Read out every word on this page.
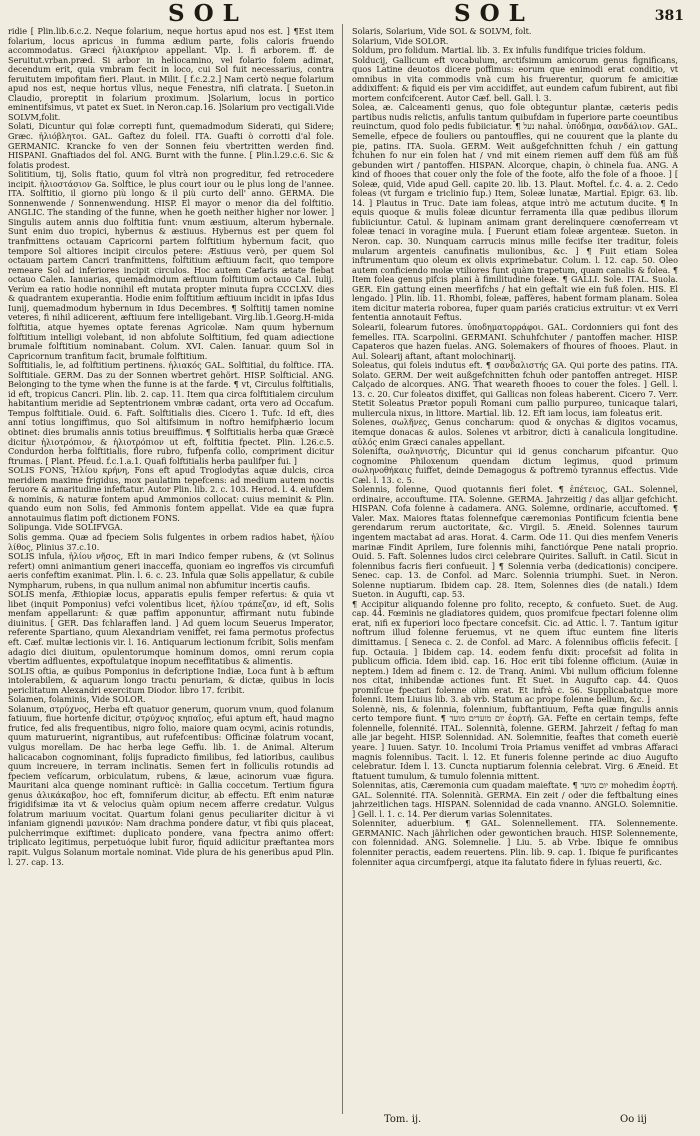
SOL	SOL	381

ridie [ Plin.lib.6.c.2. Neque folarium, neque hortus apud nos est. ] ¶Est item folarium, locus apricus in fumma ædium parte, folis caloris fruendo accommodatus. Græci ἡλιακήριον appellant. Vlp. l. fi arborem. ff. de Seruitut.vrban.præd. Si arbor in heliocamino, vel folario folem adimat, decendum erit, quia vmbram fecit in loco, cui Sol fuit necessarius, contra feruitutem impofitam fieri. Plaut. in Milit. [ f.c.2.2.] Nam certò neque folarium apud nos est, neque hortus vllus, neque Fenestra, nifi clatrata. [ Sueton.in Claudio, proreptit in folarium proximum. ]Solarium, locus in portico eminentifsimus, vt patet ex Suet. in Neron.cap.16. ]Solarium pro vectigali.Vide SOLVM,folit.

Solati, Dicuntur qui folæ correpti funt, quemadmodum Siderati, qui Sidere; Græc. ἡλιόβλητοι. GAL. Gaftez du foleil. ITA. Guafti ò corrotti d'al fole. GERMANIC. Krancke fo ven der Sonnen feiu vbertritten werden find. HISPANI. Gnaftiados del fol. ANG. Burnt with the funne. [ Plin.l.29.c.6. Sic & folatis prodest.

Solititium, tij, Solis ftatio, quum fol vltrà non progreditur, fed retrocedere incipit. ἡλιοστάσιον Ga. Solftice, le plus court iour ou le plus long de l'annee. ITA. Solftitio, il giorno più longo & il più curto dell' anno. GERMA. Die Sonnenwende / Sonnenwendung. HISP. El mayor o menor dia del folftitio. ANGLIC. The standing of the funne, when he goeth neither higher nor lower. ] Singulis autem annis duo folftitia funt: vnum æstiuum, alterum hybernale. Sunt enim duo tropici, hybernus & æstiuus. Hybernus est per quem fol tranfmittens octauam Capricorni partem folftitium hybernum facit, quo tempore Sol altiores incipit circulos petere: Æstiuus verò, per quem Sol octauam partem Cancri tranfmittens, folftitium æftiuum facit, quo tempore remeare Sol ad inferiores incipit circulos. Hoc autem Cæfaris ætate fiebat octauo Calen. Ianuarias, quemadmodum æftiuum folftitium octauo Cal. Iulij. Verùm ea ratio hodie nonnihil eft mutata propter minuta fupra CCCLXV. dies & quadrantem exuperantia. Hodie enim folftitium æftiuum incidit in ipfas Idus Iunij, quemadmodum hybernum in Idus Decembres. ¶ Solftitij tamen nomine veteres, fi nihil adiicerent, æftiuum fere intelligebant. Virg.lib.1.Georg.H-mida folftitia, atque hyemes optate ferenas Agricolæ. Nam quum hybernum folftitium intelligi volebant, id non abfolute Solftitium, fed quam adiectione brumale folftitium nominabant. Colum. XVI. Calen. Ianuar. quum Sol in Capricornum tranfitum facit, brumale folftitium.

Solftitialis, le, ad folftitium pertinens. ἡλιακός GAL. Solftitial, du folftice. ITA. Solftitiale. GERM. Das zu der Sonnen wbertret gehört. HISP. Solfticial. ANG. Belonging to the tyme when the funne is at the farde. ¶ vt, Circulus folftitialis, id eft, tropicus Cancri. Plin. lib. 2. cap. 11. Item qua circa folftitialem circulum habitantium meridie ad Septentrionem vmbræ cadant, orta vero ad Occafum. Tempus folftitiale. Ouid. 6. Faft. Solftitialis dies. Cicero 1. Tufc. Id eft, dies anni totius longiffimus, quo Sol altifsimum in noftro hemifphærio locum obtinet: dies brumalis annis totius breuiffimus. ¶ Solftitialis herba quæ Græcè dicitur ἡλιοτρόπιον, & ἡλιοτρόπιον ut eft, folftitia fpectet. Plin. l.26.c.5. Condurdon herba folftitialis, flore rubro, fufpenfa collo, compriment dicitur ftrumas. [ Plant. Pfeud. f.c.1.a.1. Quafi folftitialis herba paulifper fui. ]

SOLIS FONS, Ἡλίου κρήνη, Fons eft apud Troglodytas aquæ dulcis, circa meridiem maxime frigidus, mox paulatim tepefcens: ad medium autem noctis feruore & amaritudine infeftatur. Autor Plin. lib. 2. c. 103. Herod. l. 4. eiufdem & nominis, & naturæ fontem apud Ammonios collocat: cuius meminit & Plin. quando eum non Solis, fed Ammonis fontem appellat. Vide ea quæ fupra annotauimus flatim poft dictionem FONS.

Solipunga. Vide SOLIFVGA.

Solis gemma. Quæ ad fpeciem Solis fulgentes in orbem radios habet, ἡλίου λίθος, Plinius 37.c.10.

SOLIS infula, ἡλίου νῆσος, Eft in mari Indico femper rubens, & (vt Solinus refert) omni animantium generi inacceffa, quoniam eo ingreffos vis circumfufi aeris confeftim exanimat. Plin. l. 6. c. 23. Infula quæ Solis appellatur, & cubile Nympharum, rubens, in qua nullum animal non abfumitur incertis caufis.

SOLIS menfa, Æthiopiæ locus, apparatis epulis femper refertus: & quia vt libet (inquit Pomponius) vefci volentibus licet, ἡλίου τράπεζαν, id eft, Solis menfam appellarunt: & quæ paffim apponuntur, affirmant nutu fubinde diuinitus. [ GER. Das fchlaraffen land. ] Ad quem locum Seuerus Imperator, referente Spartiano, quum Alexandriam veniffet, rei fama permotus profectus eft. Cæf. multæ lectionis vir. l. 16. Antiquarum lectionum fcribit, Solis menfam adagio dici diuitum, opulentorumque hominum domos, omni rerum copia vbertim adfluentes, expoftulatque inopum neceffitatibus & alimentis.

SOLIS oftia, æ quibus Pomponius in defcriptione Indiæ, Loca funt à b æftum intolerabilem, & aquarum longo tractu penuriam, & dictæ, quibus in locis periclitatum Alexandri exercitum Diodor. libro 17. fcribit.

Solamen, folaminis, Vide SOLOR.

Solanum, στρύχνος, Herba eft quatuor generum, quorum vnum, quod folanum fatiuum, fiue hortenfe dicitur, στρύχνος κηπαῖος, efui aptum eft, haud magno frutice, fed alis frequentibus, nigro folio, maiore quam ocymi, acinis rotundis, quum maturuerint, nigrantibus, aut rufefcentibus: Officinæ folatrum vocant, vulgus morellam. De hac herba lege Geffu. lib. 1. de Animal. Alterum halicacabon cognominant, folijs fupradicto fimilibus, fed latioribus, caulibus quum increuere, in terram inclinatis. Semen fert in folliculis rotundis ad fpeciem vefícarum, orbiculatum, rubens, & læue, acinorum vuæ figura. Mauritani alca quenge nominant rufticè: in Gallia coccetum. Tertium figura genus ἀλικάκαβον, hoc eft, fomniferum dicitur, ab effectu. Eft enim naturæ frigidifsimæ ita vt & velocius quàm opium necem afferre credatur. Vulgus folatrum mariuum vocitat. Quartum folani genus peculiariter dicitur à vi infaniam gignendi μανικόν: Nam drachma pondere datur, vt fibi quis placeat, pulcherrimque exiftimet: duplicato pondere, vana fpectra animo offert: triplicato legitimus, perpetuóque lubit furor, fiquid adiicitur præftantea mors rapit. Vulgus Solanum mortale nominat. Vide plura de his generibus apud Plin. l. 27. cap. 13.

Solaris, Solarium, Vide SOL & SOLVM, folt.

Solarium, Vide SOLOR.

Soldum, pro folidum. Martial. lib. 3. Ex infulis fundifque tricies foldum.

Solducij, Gallicum eft vocabulum, arctifsimum amicorum genus fignificans, quos Latine deuotos dicere poffimus: eorum que enimodi erat conditio, vt omnibus in vita commodis vnà cum his fruerentur, quorum fe amicitiæ addixiffent: & fiquid eis per vim accidiffet, aut eundem cafum fubirent, aut fibi mortem confcifcerent. Autor Cæf. bell. Gall. l. 3.

Solea, æ. Calceamenti genus, quo fole obteguntur plantæ, cæteris pedis partibus nudis relictis, anfulis tantum quibufdam in fuperiore parte coeuntibus reuinctum, quod folo pedis fubiiciatur. ¶ נעל nahal. ὑπόδημα, σανδάλιον. GAL. Semelle, efpece de fouliers ou pantouffles, qui ne couurent que la plante du pie, patins. ITA. Suola. GERM. Weit außgefchnitten fchuh / ein gattung fchuhen fo nur ein folen hat / vnd mit einem riemen auff dem füß am füß gebunden wirt / pantoffen. HISPAN. Alcorque, chapin, ò chinela fua. ANG. A kind of fhooes that couer only the fole of the foote, alfo the fole of a fhooe. ] [ Soleæ, quid, Vide apud Gell. capite 20. lib. 13. Plaut. Moftel. f.c. 4. a. 2. Cedo foleas (vt furgam e triclinio fup.) Item, Soleæ lunatæ, Martial. Epigr. 63. lib. 14. ] Plautus in Truc. Date iam foleas, atque intrò me actutum ducite. ¶ In equis quoque & mulis foleæ dicuntur ferramenta illa quæ pedibus illorum fubiiciuntur. Catul. & lupinam animam grant derelinquere cœnoferream vt foleæ tenaci in voragine mula. [ Fuerunt etiam foleæ argenteæ. Sueton. in Neron. cap. 30. Nunquam carrucis minus mille fecifse iter traditur, foleis mularum argenteis canufinatis mulionibus, &c. ] ¶ Fuit etiam Solea inftrumentum quo oleum ex olivis exprimebatur. Colum. l. 12. cap. 50. Oleo autem conficiendo molæ vtiliores funt quàm trapetum, quam canalis & folea. ¶ Item folea genus pifcis plani à fimilitudine foleæ. ¶ GALLI. Sole. ITAL. Suola. GER. Ein gattung einen meerfifchs / hat ein geftalt wie ein fuß folen. HIS. El lengado. ] Plin. lib. 11. Rhombi, foleæ, paffères, habent formam planam. Solea item dicitur materia roborea, fuper quam pariés craticius extruitur: vt ex Verri fententia annotauit Feftus.

Solearii, folearum futores. ὑποδηματορράφοι. GAL. Cordonniers qui font des femelles. ITA. Scarpolini. GERMANI. Schuhfchuter / pantoffen macher. HISP. Capateros que hazen fuelas. ANG. Solemakers of fhoures of fhooes. Plaut. in Aul. Solearij aftant, aftant molochinarij.

Soleatus, qui foleis indutus eft. ¶ σανδαλιστής GA. Qui porte des patins. ITA. Solato. GERM. Der weit außgefchnitten fchuh oder pantoffen antreget. HISP. Calçado de alcorques. ANG. That weareth fhooes to couer the foles. ] Gell. l. 13. c. 20. Cur foleatos dixiffet, qui Gallicas non foleas haberent. Cicero 7. Verr. Stetit Soleatus Prætor populi Romani cum pallio purpureo, tunicaque talari, muliercula nixus, in littore. Martial. lib. 12. Eft iam locus, iam foleatus erit.

Solenes, σωλῆνες, Genus concharum: quod & onychas & digitos vocamus, itemque donacas & aulos. Solenes vt arbitror, dicti à canalicula longitudine. αὐλός enim Græci canales appellant.

Solenifta, σωληνιστής, Dicuntur qui id genus concharum pifcantur. Quo cognomine Philoxenum quendam dictum legimus, quod primum σωληνοθήκαις fuiffet, deinde Demagogus & poftremò tyrannus effectus. Vide Cæl. l. 13. c. 5.

Solennis, folenne, Quod quotannis fieri folet. ¶ ἐπέτειος, GAL. Solennel, ordinaire, accouftume. ITA. Solenne. GERMA. Jahrzeitig / das alljar gefchicht. HISPAN. Cofa folenne à cadamera. ANG. Solemne, ordinarie, accuftomed. ¶ Valer. Max. Maiores ftatas folennefque cæremonias Pontificum fcientia bene gerendarum rerum auctoritate, &c. Virgil. 5. Æneid. Solennes taurum ingentem mactabat ad aras. Horat. 4. Carm. Ode 11. Qui dies menfem Veneris marinæ Findit Aprilem, Iure folennis mihi, fanctiórque Pene natali proprio. Ouid. 5. Faft. Solennes ludos circi celebrare Quirites. Salluft. in Catil. Sicut in folennibus facris fieri confueuit. ] ¶ Solennia verba (dedicationis) concipere. Senec. cap. 13. de Confol. ad Marc. Solennia triumphi. Suet. in Neron. Solenne nuptiarum. Ibidem cap. 28. Item, Solennes dies (de natali.) Idem Sueton. in Augufti, cap. 53.

¶ Accipitur aliquando folenne pro folito, recepto, & confueto. Suet. de Aug. cap. 44. Fœminis ne gladiatores quidem, quos promifcue fpectari folenne olim erat, nifi ex fuperiori loco fpectare concefsit. Cic. ad Attic. l. 7. Tantum igitur noftrum illud folenne feruemus, vt ne quem iftuc euntem fine literis dimittamus. [ Seneca c. 2. de Confol. ad Marc. A folennibus officiis fefecit. [ fup. Octauia. ] Ibidem cap. 14. eodem fenfu dixit: procefsit ad folita in publicum officia. Idem ibid. cap. 16. Hoc erit tibi folenne officium. (Auiæ in neptem.) Idem ad finem c. 12. de Tranq. Animi. Vbi nullum officium folenne nos citat, inhibendæ actiones funt. Et Suet. in Augufto cap. 44. Quos promifcue fpectari folenne olim erat. Et infrà c. 56. Supplicabatque more folenni. Item Liuius lib. 3. ab vrb. Statum ac prope folenne bellum, &c. ]

Solennè, nis, & folennia, folennium, fubftantiuum, Fefta quæ fingulis annis certo tempore fiunt. ¶ יום מועדים מועד ἑορτή. GA. Fefte en certain temps, fefte folennelle, folennité. ITAL. Solennità, folenne. GERM. Jahrzeit / feftag fo man alle jar begeht. HISP. Solennidad. AN. Solemnitie, feaftes that cometh eueriè yeare. ] Iuuen. Satyr. 10. Incolumi Troia Priamus veniffet ad vmbras Affaraci magnis folennibus. Tacit. l. 12. Et funeris folenne perinde ac diuo Augufto celebratur. Idem l. 13. Cuncta nuptiarum folennia celebrat. Virg. 6 Æneid. Et ftatuent tumulum, & tumulo folennia mittent.

Solennitas, atis, Cæremonia cum quadam maieftate. ¶ יום מועד mohedim ἑορτή. GAL. Solennité. ITA. Solennità. GERMA. Ein zeit / oder die feftbaltung eines jahrzeitlichen tags. HISPAN. Solennidad de cada vnanno. ANGLO. Solemnitie. ] Gell. l. 1. c. 14. Per dierum varias Solennitates.

Solenniter, aduerbium. ¶ GAL. Solennellement. ITA. Solennemente. GERMANIC. Nach jährlichen oder gewontichen brauch. HISP. Solennemente, con folennidad. ANG. Solemnelie. ] Liu. 5. ab Vrbe. Ibique fe omnibus folenniter peractis, eadem reuertens. Plin. lib. 9. cap. 1. Ibique fe purificantes folenniter aqua circumfpergi, atque ita falutato fidere in fyluas reuerti, &c.

Tom. ij.	Oo iij
